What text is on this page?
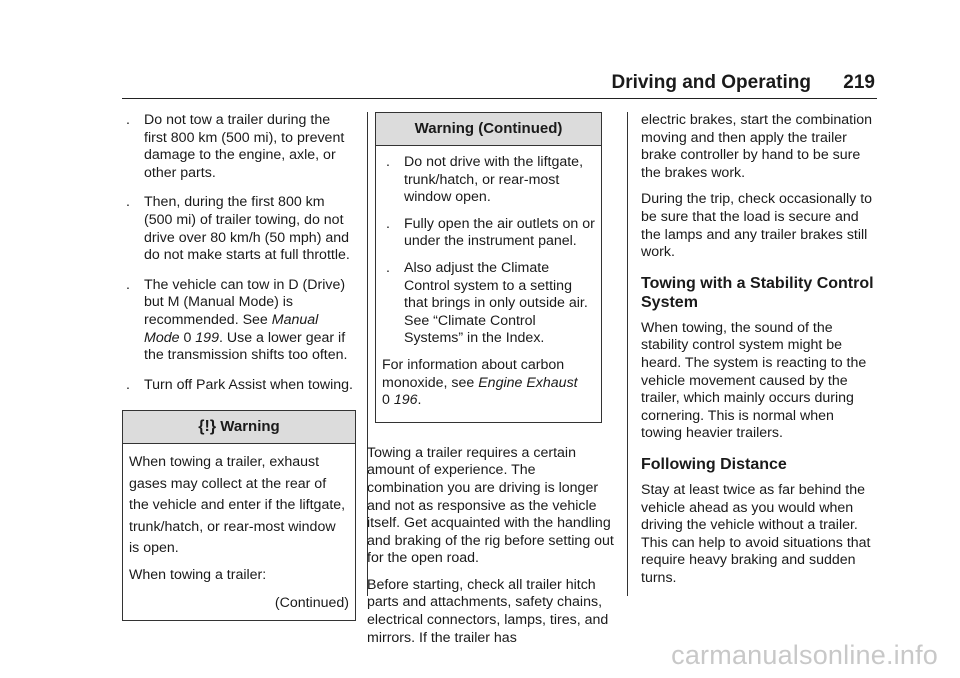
Driving and Operating 219
. Do not tow a trailer during the first 800 km (500 mi), to prevent damage to the engine, axle, or other parts.
. Then, during the first 800 km (500 mi) of trailer towing, do not drive over 80 km/h (50 mph) and do not make starts at full throttle.
. The vehicle can tow in D (Drive) but M (Manual Mode) is recommended. See Manual Mode 0 199. Use a lower gear if the transmission shifts too often.
. Turn off Park Assist when towing.
{!} Warning

When towing a trailer, exhaust gases may collect at the rear of the vehicle and enter if the liftgate, trunk/hatch, or rear-most window is open.

When towing a trailer:

(Continued)
Warning (Continued)
. Do not drive with the liftgate, trunk/hatch, or rear-most window open.
. Fully open the air outlets on or under the instrument panel.
. Also adjust the Climate Control system to a setting that brings in only outside air. See “Climate Control Systems” in the Index.

For information about carbon monoxide, see Engine Exhaust
0 196.

Towing a trailer requires a certain amount of experience. The combination you are driving is longer and not as responsive as the vehicle itself. Get acquainted with the handling and braking of the rig before setting out for the open road.

Before starting, check all trailer hitch parts and attachments, safety chains, electrical connectors, lamps, tires, and mirrors. If the trailer has

electric brakes, start the combination moving and then apply the trailer brake controller by hand to be sure the brakes work.

During the trip, check occasionally to be sure that the load is secure and the lamps and any trailer brakes still work.

Towing with a Stability Control System

When towing, the sound of the stability control system might be heard. The system is reacting to the vehicle movement caused by the trailer, which mainly occurs during cornering. This is normal when towing heavier trailers.

Following Distance

Stay at least twice as far behind the vehicle ahead as you would when driving the vehicle without a trailer. This can help to avoid situations that require heavy braking and sudden turns.

carmanualsonline.info
